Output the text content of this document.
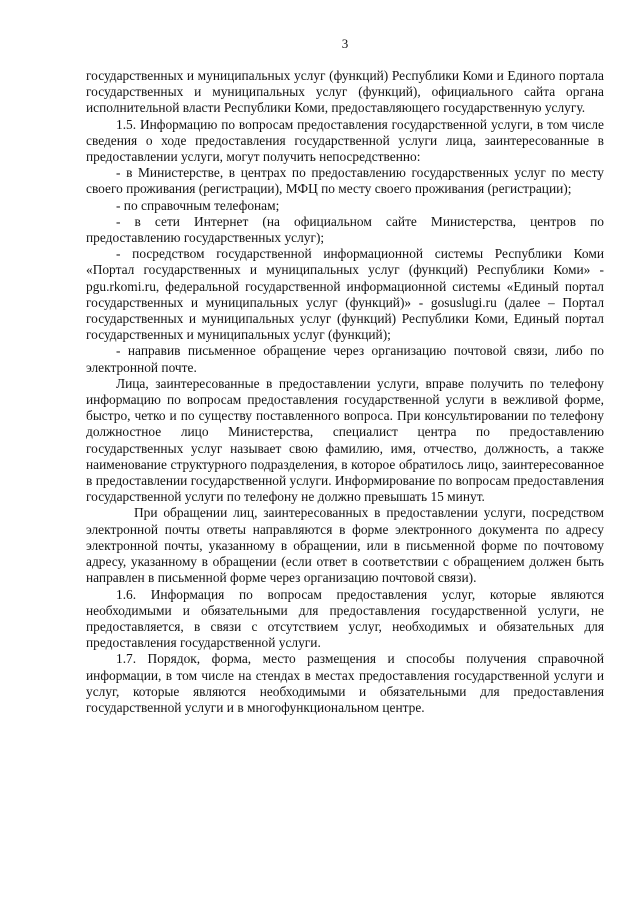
3

государственных и муниципальных услуг (функций) Республики Коми и Единого портала государственных и муниципальных услуг (функций), официального сайта органа исполнительной власти Республики Коми, предоставляющего государственную услугу.

1.5. Информацию по вопросам предоставления государственной услуги, в том числе сведения о ходе предоставления государственной услуги лица, заинтересованные в предоставлении услуги, могут получить непосредственно:

- в Министерстве, в центрах по предоставлению государственных услуг по месту своего проживания (регистрации), МФЦ по месту своего проживания (регистрации);

- по справочным телефонам;

- в сети Интернет (на официальном сайте Министерства, центров по предоставлению государственных услуг);

- посредством государственной информационной системы Республики Коми «Портал государственных и муниципальных услуг (функций) Республики Коми» - pgu.rkomi.ru, федеральной государственной информационной системы «Единый портал государственных и муниципальных услуг (функций)» - gosuslugi.ru (далее – Портал государственных и муниципальных услуг (функций) Республики Коми, Единый портал государственных и муниципальных услуг (функций);

- направив письменное обращение через организацию почтовой связи, либо по электронной почте.

Лица, заинтересованные в предоставлении услуги, вправе получить по телефону информацию по вопросам предоставления государственной услуги в вежливой форме, быстро, четко и по существу поставленного вопроса. При консультировании по телефону должностное лицо Министерства, специалист центра по предоставлению государственных услуг называет свою фамилию, имя, отчество, должность, а также наименование структурного подразделения, в которое обратилось лицо, заинтересованное в предоставлении государственной услуги. Информирование по вопросам предоставления государственной услуги по телефону не должно превышать 15 минут.

При обращении лиц, заинтересованных в предоставлении услуги, посредством электронной почты ответы направляются в форме электронного документа по адресу электронной почты, указанному в обращении, или в письменной форме по почтовому адресу, указанному в обращении (если ответ в соответствии с обращением должен быть направлен в письменной форме через организацию почтовой связи).

1.6. Информация по вопросам предоставления услуг, которые являются необходимыми и обязательными для предоставления государственной услуги, не предоставляется, в связи с отсутствием услуг, необходимых и обязательных для предоставления государственной услуги.

1.7. Порядок, форма, место размещения и способы получения справочной информации, в том числе на стендах в местах предоставления государственной услуги и услуг, которые являются необходимыми и обязательными для предоставления государственной услуги и в многофункциональном центре.
